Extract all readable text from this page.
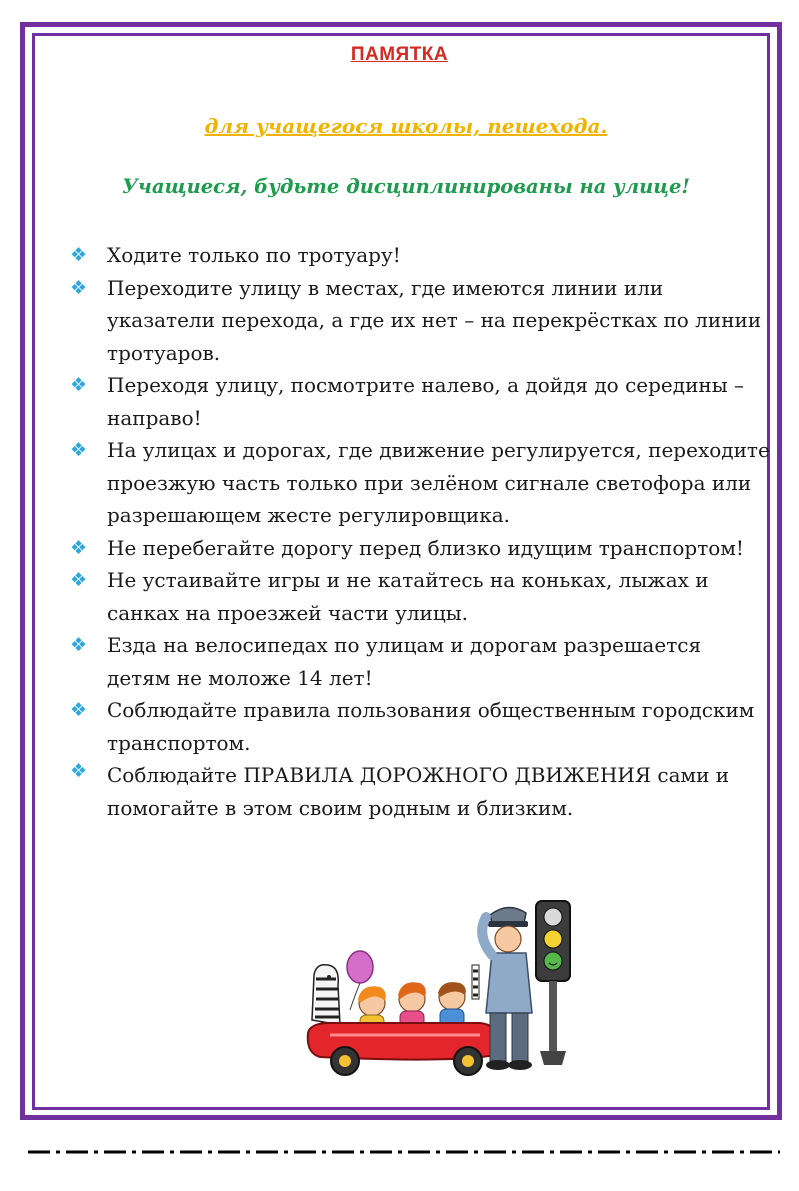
ПАМЯТКА
для учащегося школы, пешехода.
Учащиеся, будьте дисциплинированы на улице!
❖ Ходите только по тротуару!
❖ Переходите улицу в местах, где имеются линии или указатели перехода, а где их нет – на перекрёстках по линии тротуаров.
❖ Переходя улицу, посмотрите налево, а дойдя до середины – направо!
❖ На улицах и дорогах, где движение регулируется, переходите проезжую часть только при зелёном сигнале светофора или разрешающем жесте регулировщика.
❖ Не перебегайте дорогу перед близко идущим транспортом!
❖ Не устаивайте игры и не катайтесь на коньках, лыжах и санках на проезжей части улицы.
❖ Езда на велосипедах по улицам и дорогам разрешается детям не моложе 14 лет!
❖ Соблюдайте правила пользования общественным городским транспортом.
❖ Соблюдайте ПРАВИЛА ДОРОЖНОГО ДВИЖЕНИЯ сами и помогайте в этом своим родным и близким.
